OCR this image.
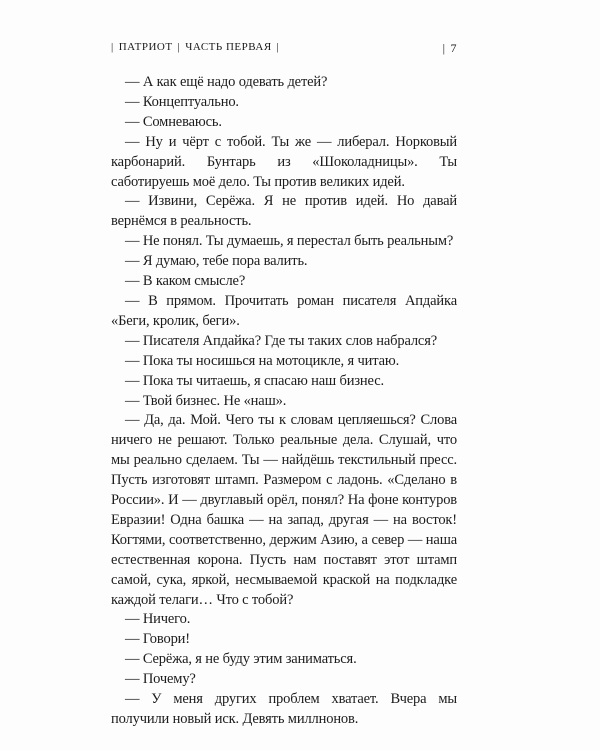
| ПАТРИОТ | ЧАСТЬ ПЕРВАЯ |	| 7

— А как ещё надо одевать детей?

— Концептуально.

— Сомневаюсь.

— Ну и чёрт с тобой. Ты же — либерал. Норковый карбонарий. Бунтарь из «Шоколадницы». Ты саботируешь моё дело. Ты против великих идей.

— Извини, Серёжа. Я не против идей. Но давай вернёмся в реальность.

— Не понял. Ты думаешь, я перестал быть реальным?

— Я думаю, тебе пора валить.

— В каком смысле?

— В прямом. Прочитать роман писателя Апдайка «Беги, кролик, беги».

— Писателя Апдайка? Где ты таких слов набрался?

— Пока ты носишься на мотоцикле, я читаю.

— Пока ты читаешь, я спасаю наш бизнес.

— Твой бизнес. Не «наш».

— Да, да. Мой. Чего ты к словам цепляешься? Слова ничего не решают. Только реальные дела. Слушай, что мы реально сделаем. Ты — найдёшь текстильный пресс. Пусть изготовят штамп. Размером с ладонь. «Сделано в России». И — двуглавый орёл, понял? На фоне контуров Евразии! Одна башка — на запад, другая — на восток! Когтями, соответственно, держим Азию, а север — наша естественная корона. Пусть нам поставят этот штамп самой, сука, яркой, несмываемой краской на подкладке каждой телаги… Что с тобой?

— Ничего.

— Говори!

— Серёжа, я не буду этим заниматься.

— Почему?

— У меня других проблем хватает. Вчера мы получили новый иск. Девять миллнонов.
